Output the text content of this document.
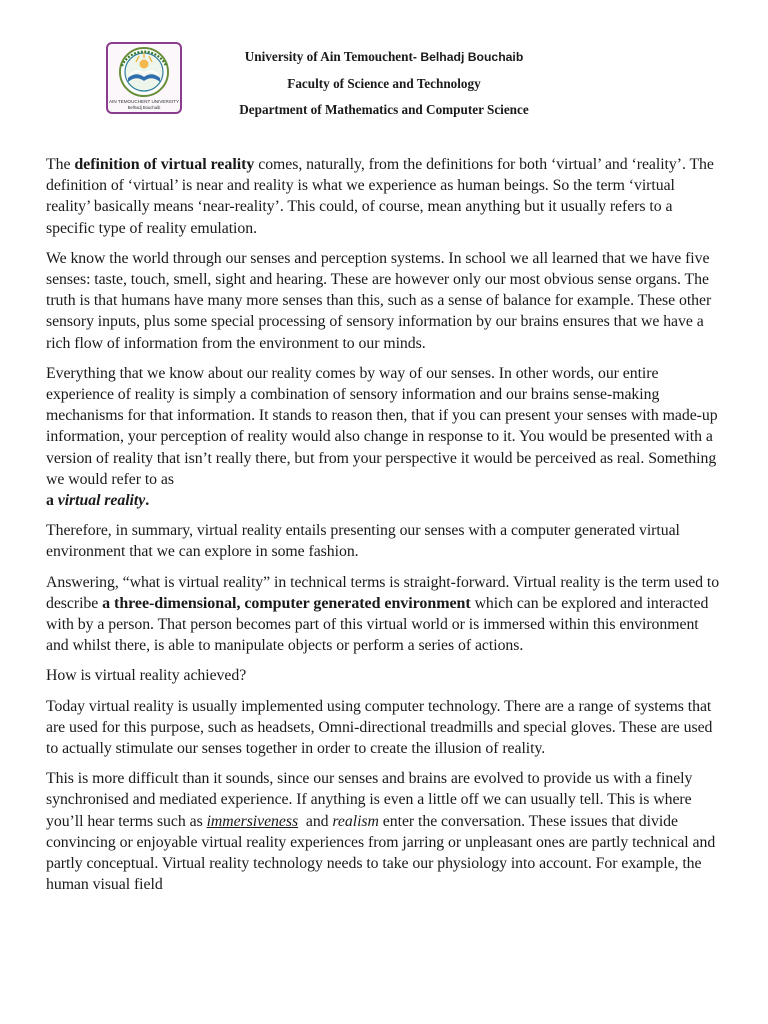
AIN TEMOUCHENT UNIVERSITY
Belhadj Bouchaib
University of Ain Temouchent- Belhadj Bouchaib
Faculty of Science and Technology
Department of Mathematics and Computer Science

The definition of virtual reality comes, naturally, from the definitions for both ‘virtual’ and ‘reality’. The definition of ‘virtual’ is near and reality is what we experience as human beings. So the term ‘virtual reality’ basically means ‘near-reality’. This could, of course, mean anything but it usually refers to a specific type of reality emulation.

We know the world through our senses and perception systems. In school we all learned that we have five senses: taste, touch, smell, sight and hearing. These are however only our most obvious sense organs. The truth is that humans have many more senses than this, such as a sense of balance for example. These other sensory inputs, plus some special processing of sensory information by our brains ensures that we have a rich flow of information from the environment to our minds.

Everything that we know about our reality comes by way of our senses. In other words, our entire experience of reality is simply a combination of sensory information and our brains sense-making mechanisms for that information. It stands to reason then, that if you can present your senses with made-up information, your perception of reality would also change in response to it. You would be presented with a version of reality that isn’t really there, but from your perspective it would be perceived as real. Something we would refer to as
a virtual reality.

Therefore, in summary, virtual reality entails presenting our senses with a computer generated virtual environment that we can explore in some fashion.

Answering, “what is virtual reality” in technical terms is straight-forward. Virtual reality is the term used to describe a three-dimensional, computer generated environment which can be explored and interacted with by a person. That person becomes part of this virtual world or is immersed within this environment and whilst there, is able to manipulate objects or perform a series of actions.

How is virtual reality achieved?

Today virtual reality is usually implemented using computer technology. There are a range of systems that are used for this purpose, such as headsets, Omni-directional treadmills and special gloves. These are used to actually stimulate our senses together in order to create the illusion of reality.

This is more difficult than it sounds, since our senses and brains are evolved to provide us with a finely synchronised and mediated experience. If anything is even a little off we can usually tell. This is where you’ll hear terms such as immersiveness  and realism enter the conversation. These issues that divide convincing or enjoyable virtual reality experiences from jarring or unpleasant ones are partly technical and partly conceptual. Virtual reality technology needs to take our physiology into account. For example, the human visual field
